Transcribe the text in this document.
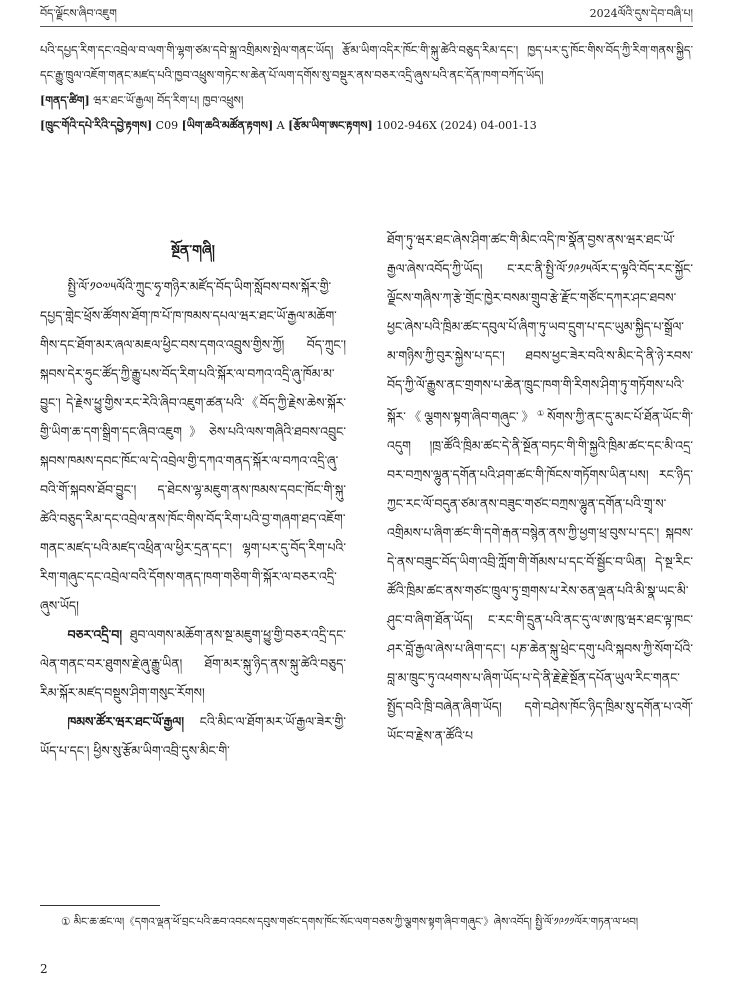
བོད་ལྗོངས་ཞིབ་འཇུག	2024ལོའི་དུས་དེབ་བཞི་པ།

པའི་དཔྱད་རིག་དང་འབྲེལ་བ་ལག་གི་ལྷག་ཙམ་དབེ་སྐྲ་འགྲིམས་སྤེལ་གནང་ཡོད། རྩོམ་ཡིག་འདིར་ཁོང་གི་སྐུ་ཚེའི་བཅུད་རིམ་དང་། ཁྱད་པར་དུ་ཁོང་གིས་བོད་ཀྱི་རིག་གནས་སྐྱིད་དང་རྒྱུ་ཁྲུལ་འཇོག་གནང་མཛད་པའི་ཁྱབ་འཕྲུས་གཏེང་ས་ཆེན་པོ་ལག་དགོས་སུ་བསྡུར་ནས་བཅར་འདྲི་ཞུས་པའི་ནང་དོན་ཁག་བཀོད་ཡོད།

[གནད་ཚིག] ཝར་ཐང་ཡོ་རྒྱལ། བོད་རིག་པ། ཁྱབ་འཕྲུས།

[ཁྲུང་གོའི་དཔེ་རིའི་དབྱེ་རྟགས] C09 [ཡིག་ཆའི་མཚོན་རྟགས] A [རྩོམ་ཡིག་ཨང་རྟགས] 1002-946X (2024) 04-001-13

སྔོན་གཞི།

སྤྱི་ལོ་༡༠༧༥ལོའི་ཀྲུང་ཧྭ་གཉིར་མཛོད་བོད་ཡིག་སློབས་བས་སྐོར་གྱི་དཔྱད་གླེང་ཕྲོས་ཚོགས་ཐོག་ཁ་པོ་ཁ་ཁམས་དཔལ་ཝར་ཐང་ཡོ་རྒྱལ་མཆོག་གིས་དང་ཐོག་མར་ཞལ་མཇལ་ཕྱིང་བས་དགའ་འབྲུས་གྱིས་ཀྱོ། བོད་ཀྲུང་། སྐབས་དེར་ཧྲུང་ཚོད་ཀྱི་རྒྱུ་པས་བོད་རིག་པའི་སྐོར་ལ་བཀའ་འདྲི་ཞུ་ཁོམ་མ་བྱུང་། དེ་རྗེས་ཕྱུ་གྱིས་རང་རེའི་ཞིབ་འཇུག་ཚན་པའི་《བོད་ཀྱི་རྗེས་ཆེས་སྐོར་གྱི་ཡིག་ཆ་དག་སྒྲིག་དང་ཞིབ་འཇུག》ཅེས་པའི་ལས་གཞིའི་ཐབས་འབྲུང་སྐབས་ཁམས་དབང་ཁོང་ལ་དེ་འབྲེལ་གྱི་དཀའ་གནད་སྐོར་ལ་བཀའ་འདྲི་ཞུ་བའི་གོ་སྐབས་ཐོབ་བྱུང་། ད་ཐེངས་ལྷ་མཇུག་ནས་ཁམས་དབང་ཁོང་གི་སྐུ་ཚེའི་བཅུད་རིམ་དང་འབྲེལ་ནས་ཁོང་གིས་བོད་རིག་པའི་བྱ་གཞག་ཐད་འཇོག་གནང་མཛད་པའི་མཛད་འཕྲིན་ལ་ཕྱིར་དྲན་དང་། ལྷག་པར་དུ་བོད་རིག་པའི་རིག་གཞུང་དང་འབྲེལ་བའི་དོགས་གནད་ཁག་གཅིག་གི་སྐོར་ལ་བཅར་འདྲི་ཞུས་ཡོད།

བཅར་འདྲི་བ། ཐུབ་ལགས་མཆོག་ནས་སྔ་མཇུག་ཕྱུ་གྱི་བཅར་འདྲི་དང་ལེན་གནང་བར་ཐུགས་རྗེ་ཞུ་རྒྱུ་ཡིན། ཐོག་མར་སྐུ་ཉིད་ནས་སྐུ་ཚེའི་བཅུད་རིམ་སྐོར་མཛད་བསྡུས་ཤིག་གསུང་རོགས།

ཁམས་ཚོར་ཝར་ཐང་ཡོ་རྒྱལ། ངའི་མིང་ལ་ཐོག་མར་ཡོ་རྒྱལ་ཟེར་གྱི་ཡོད་པ་དང་། ཕྱིས་སུ་རྩོམ་ཡིག་འབྲི་དུས་མིང་གི་

ཐོག་ཏུ་ཝར་ཐང་ཞེས་ཤིག་ཚང་གི་མིང་འདི་ཁ་སྣོན་བྱས་ནས་ཝར་ཐང་ཡོ་རྒྱལ་ཞེས་འབོད་ཀྱི་ཡོད། ང་རང་ནི་སྤྱི་ལོ་༡༩༡༥ལོར་ད་ལྟའི་བོད་རང་སྐྱོང་ལྗོངས་གཞིས་ཀ་རྩེ་གྲོང་ཁྱེར་བསམ་གྲུབ་རྩེ་རྫོང་གཙོང་དཀར་ཤང་ཐབས་ཕྱང་ཞེས་པའི་ཁྲིམ་ཚང་དབུལ་པོ་ཞིག་ཏུ་ཡབ་དྲུག་པ་དང་ཡུམ་སྐྱིད་པ་སྒྲོལ་མ་གཉིས་ཀྱི་བུར་སྐྱེས་པ་དང་། ཐབས་ཕྱང་ཟེར་བའི་ས་མིང་དེ་ནི་ཉེ་རབས་བོད་ཀྱི་ལོ་རྒྱུས་ནང་གྲགས་པ་ཆེན་ཁྲུང་ཁག་གི་རིགས་ཤིག་ཏུ་གཏོགས་པའི་སྐོར་《ལྕགས་སྟག་ཞིབ་གཞུང་》①སོགས་ཀྱི་ནང་དུ་མང་པོ་ཐོན་ཡོང་གི་འདུག །ཁྲ་ཚོའི་ཁྲིམ་ཚང་དེ་ནི་སྔོན་བཏང་གི་གི་སྐྱའི་ཁྲིམ་ཚང་དང་མི་འདྲ་བར་བཀྲས་ལྷུན་དགོན་པའི་ཤག་ཚང་གི་ཁོངས་གཏོགས་ཡིན་པས། རང་ཉིད་ཀྱང་རང་ལོ་བདུན་ཙམ་ནས་བཟུང་གཙང་བཀྲས་ལྷུན་དགོན་པའི་གྲྭ་ས་འགྲིམས་པ་ཞིག་ཚང་གི་དགེ་རྒན་བསྙེན་ནས་ཀྱི་ཕྱག་ཕྲ་བུས་པ་དང་། སྐབས་དེ་ནས་བཟུང་བོད་ཡིག་འབྲི་ཀློག་གི་གོམས་པ་དང་བོ་སྦྱོང་བ་ཡིན། དེ་སྔ་རིང་ཚོའི་ཁྲིམ་ཚང་ནས་གཙང་ཁྲུལ་ཏུ་གྲགས་པ་རེས་ཅན་ལྡན་པའི་མི་སྣ་ཡང་མི་ཤུང་བ་ཞིག་ཐོན་ཡོད། ང་རང་གི་དྲུན་པའི་ནང་དུ་ལ་ཨ་ཁུ་ཝར་ཐང་ལྟ་ཁང་ཤར་བློ་རྒྱལ་ཞེས་པ་ཞིག་དང་། པཎ་ཆེན་སྐུ་ཕྲེང་དགུ་པའི་སྐབས་ཀྱི་སོག་པོའི་བླ་མ་ཁྲུང་ཏུ་འཕགས་པ་ཞིག་ཡོད་པ་དེ་ནི་རྗེ་རྗེ་སྔོན་དཔོན་ཡུལ་རིང་གནང་སྤྱོད་བའི་ཁྲི་བཞེན་ཞིག་ཡོད། དགེ་བཤེས་ཁོང་ཉིད་ཁྲིམ་སུ་དགོན་པ་འགོ་ཡོང་བ་རྗེས་ན་ཚོའི་པ

① མིང་ཆ་ཚང་ལ།《དགའ་ལྡན་ཕོ་བྲང་པའི་ཆབ་འབངས་དབུས་གཙང་དགས་ཁོང་སོང་ལག་བཅས་ཀྱི་ལྕགས་སྟག་ཞིབ་གཞུང་》ཞེས་འབོད། སྤྱི་ལོ་༡༩༡༡ལོར་གཏན་ལ་ཕབ།

2
